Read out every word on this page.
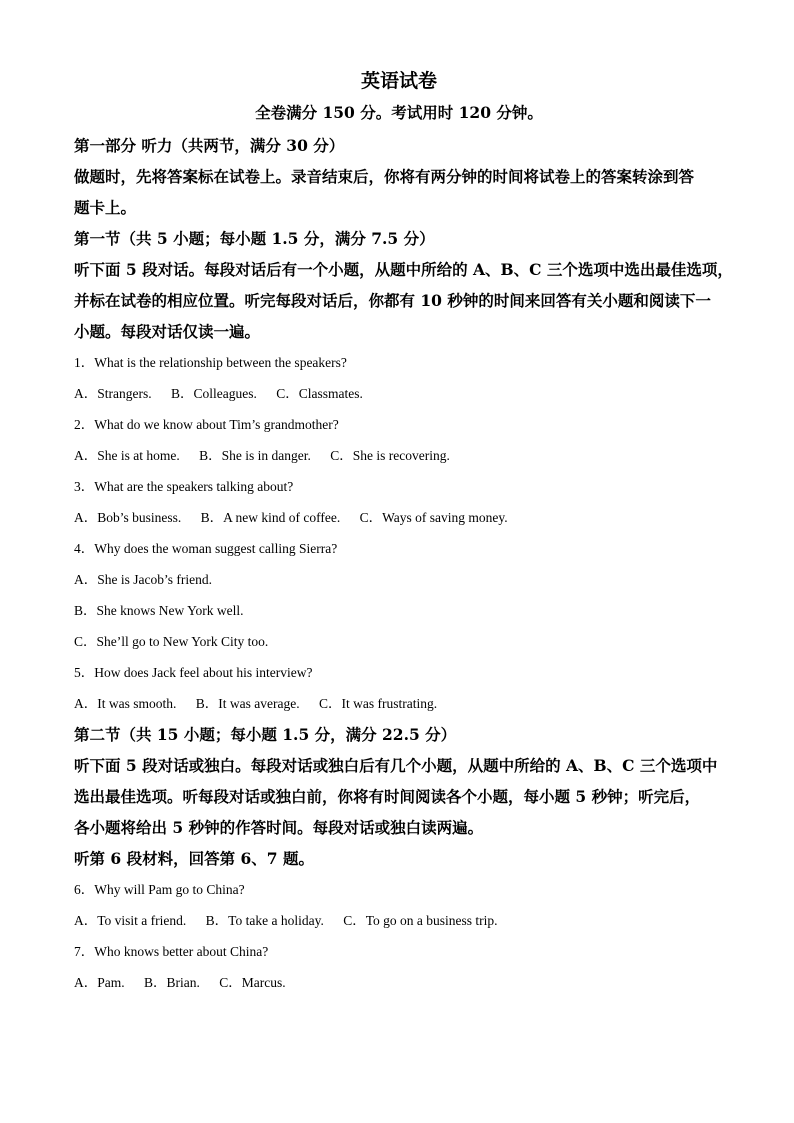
英语试卷
全卷满分 150 分。考试用时 120 分钟。
第一部分 听力（共两节，满分 30 分）
做题时，先将答案标在试卷上。录音结束后，你将有两分钟的时间将试卷上的答案转涂到答
题卡上。
第一节（共 5 小题；每小题 1.5 分，满分 7.5 分）
听下面 5 段对话。每段对话后有一个小题，从题中所给的 A、B、C 三个选项中选出最佳选项，
并标在试卷的相应位置。听完每段对话后，你都有 10 秒钟的时间来回答有关小题和阅读下一
小题。每段对话仅读一遍。
1．What is the relationship between the speakers?
A．Strangers. B．Colleagues. C．Classmates.
2．What do we know about Tim’s grandmother?
A．She is at home. B．She is in danger. C．She is recovering.
3．What are the speakers talking about?
A．Bob’s business. B．A new kind of coffee. C．Ways of saving money.
4．Why does the woman suggest calling Sierra?
A．She is Jacob’s friend.
B．She knows New York well.
C．She’ll go to New York City too.
5．How does Jack feel about his interview?
A．It was smooth. B．It was average. C．It was frustrating.
第二节（共 15 小题；每小题 1.5 分，满分 22.5 分）
听下面 5 段对话或独白。每段对话或独白后有几个小题，从题中所给的 A、B、C 三个选项中
选出最佳选项。听每段对话或独白前，你将有时间阅读各个小题，每小题 5 秒钟；听完后，
各小题将给出 5 秒钟的作答时间。每段对话或独白读两遍。
听第 6 段材料，回答第 6、7 题。
6．Why will Pam go to China?
A．To visit a friend. B．To take a holiday. C．To go on a business trip.
7．Who knows better about China?
A．Pam. B．Brian. C．Marcus.
